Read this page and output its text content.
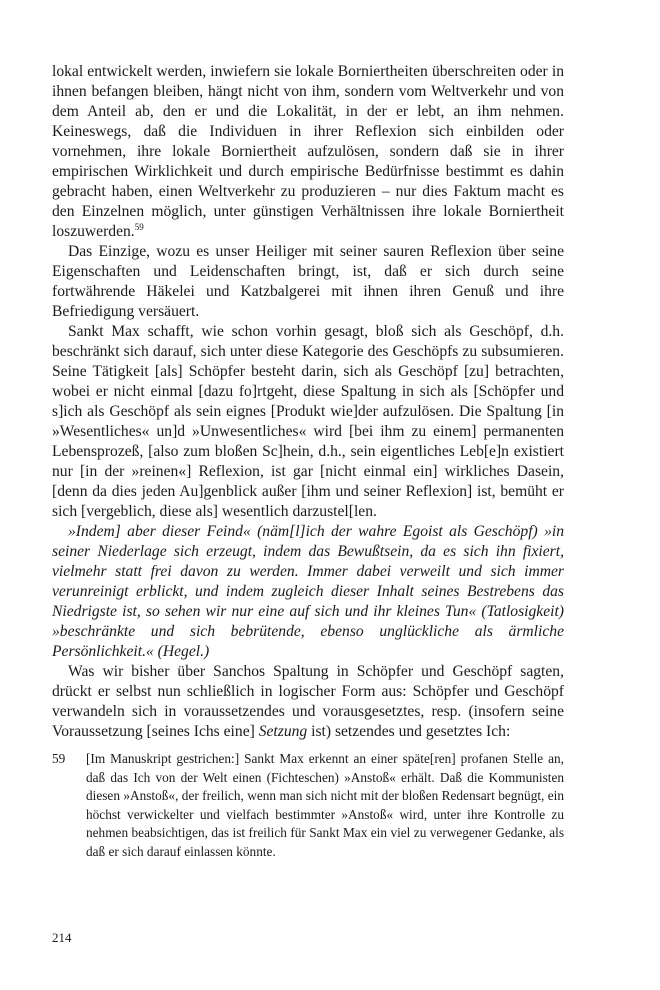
lokal entwickelt werden, inwiefern sie lokale Borniertheiten überschreiten oder in ihnen befangen bleiben, hängt nicht von ihm, sondern vom Weltverkehr und von dem Anteil ab, den er und die Lokalität, in der er lebt, an ihm nehmen. Keineswegs, daß die Individuen in ihrer Reflexion sich einbilden oder vornehmen, ihre lokale Borniertheit aufzulösen, sondern daß sie in ihrer empirischen Wirklichkeit und durch empirische Bedürfnisse bestimmt es dahin gebracht haben, einen Weltverkehr zu produzieren – nur dies Faktum macht es den Einzelnen möglich, unter günstigen Verhältnissen ihre lokale Borniertheit loszuwerden.$^{59}$

Das Einzige, wozu es unser Heiliger mit seiner sauren Reflexion über seine Eigenschaften und Leidenschaften bringt, ist, daß er sich durch seine fortwährende Häkelei und Katzbalgerei mit ihnen ihren Genuß und ihre Befriedigung versäuert.

Sankt Max schafft, wie schon vorhin gesagt, bloß sich als Geschöpf, d.h. beschränkt sich darauf, sich unter diese Kategorie des Geschöpfs zu subsumieren. Seine Tätigkeit [als] Schöpfer besteht darin, sich als Geschöpf [zu] betrachten, wobei er nicht einmal [dazu fo]rtgeht, diese Spaltung in sich als [Schöpfer und s]ich als Geschöpf als sein eignes [Produkt wie]der aufzulösen. Die Spaltung [in »Wesentliches« un]d »Unwesentliches« wird [bei ihm zu einem] permanenten Lebensprozeß, [also zum bloßen Sc]hein, d.h., sein eigentliches Leb[e]n existiert nur [in der »reinen«] Reflexion, ist gar [nicht einmal ein] wirkliches Dasein, [denn da dies jeden Au]genblick außer [ihm und seiner Reflexion] ist, bemüht er sich [vergeblich, diese als] wesentlich darzustel[len.

»Indem] aber dieser Feind« (näm[l]ich der wahre Egoist als Geschöpf) »in seiner Niederlage sich erzeugt, indem das Bewußtsein, da es sich ihn fixiert, vielmehr statt frei davon zu werden. Immer dabei verweilt und sich immer verunreinigt erblickt, und indem zugleich dieser Inhalt seines Bestrebens das Niedrigste ist, so sehen wir nur eine auf sich und ihr kleines Tun« (Tatlosigkeit) »beschränkte und sich bebrütende, ebenso unglückliche als ärmliche Persönlichkeit.« (Hegel.)

Was wir bisher über Sanchos Spaltung in Schöpfer und Geschöpf sagten, drückt er selbst nun schließlich in logischer Form aus: Schöpfer und Geschöpf verwandeln sich in voraussetzendes und vorausgesetztes, resp. (insofern seine Voraussetzung [seines Ichs eine] Setzung ist) setzendes und gesetztes Ich:

59 [Im Manuskript gestrichen:] Sankt Max erkennt an einer späte[ren] profanen Stelle an, daß das Ich von der Welt einen (Fichteschen) »Anstoß« erhält. Daß die Kommunisten diesen »Anstoß«, der freilich, wenn man sich nicht mit der bloßen Redensart begnügt, ein höchst verwickelter und vielfach bestimmter »Anstoß« wird, unter ihre Kontrolle zu nehmen beabsichtigen, das ist freilich für Sankt Max ein viel zu verwegener Gedanke, als daß er sich darauf einlassen könnte.
214
